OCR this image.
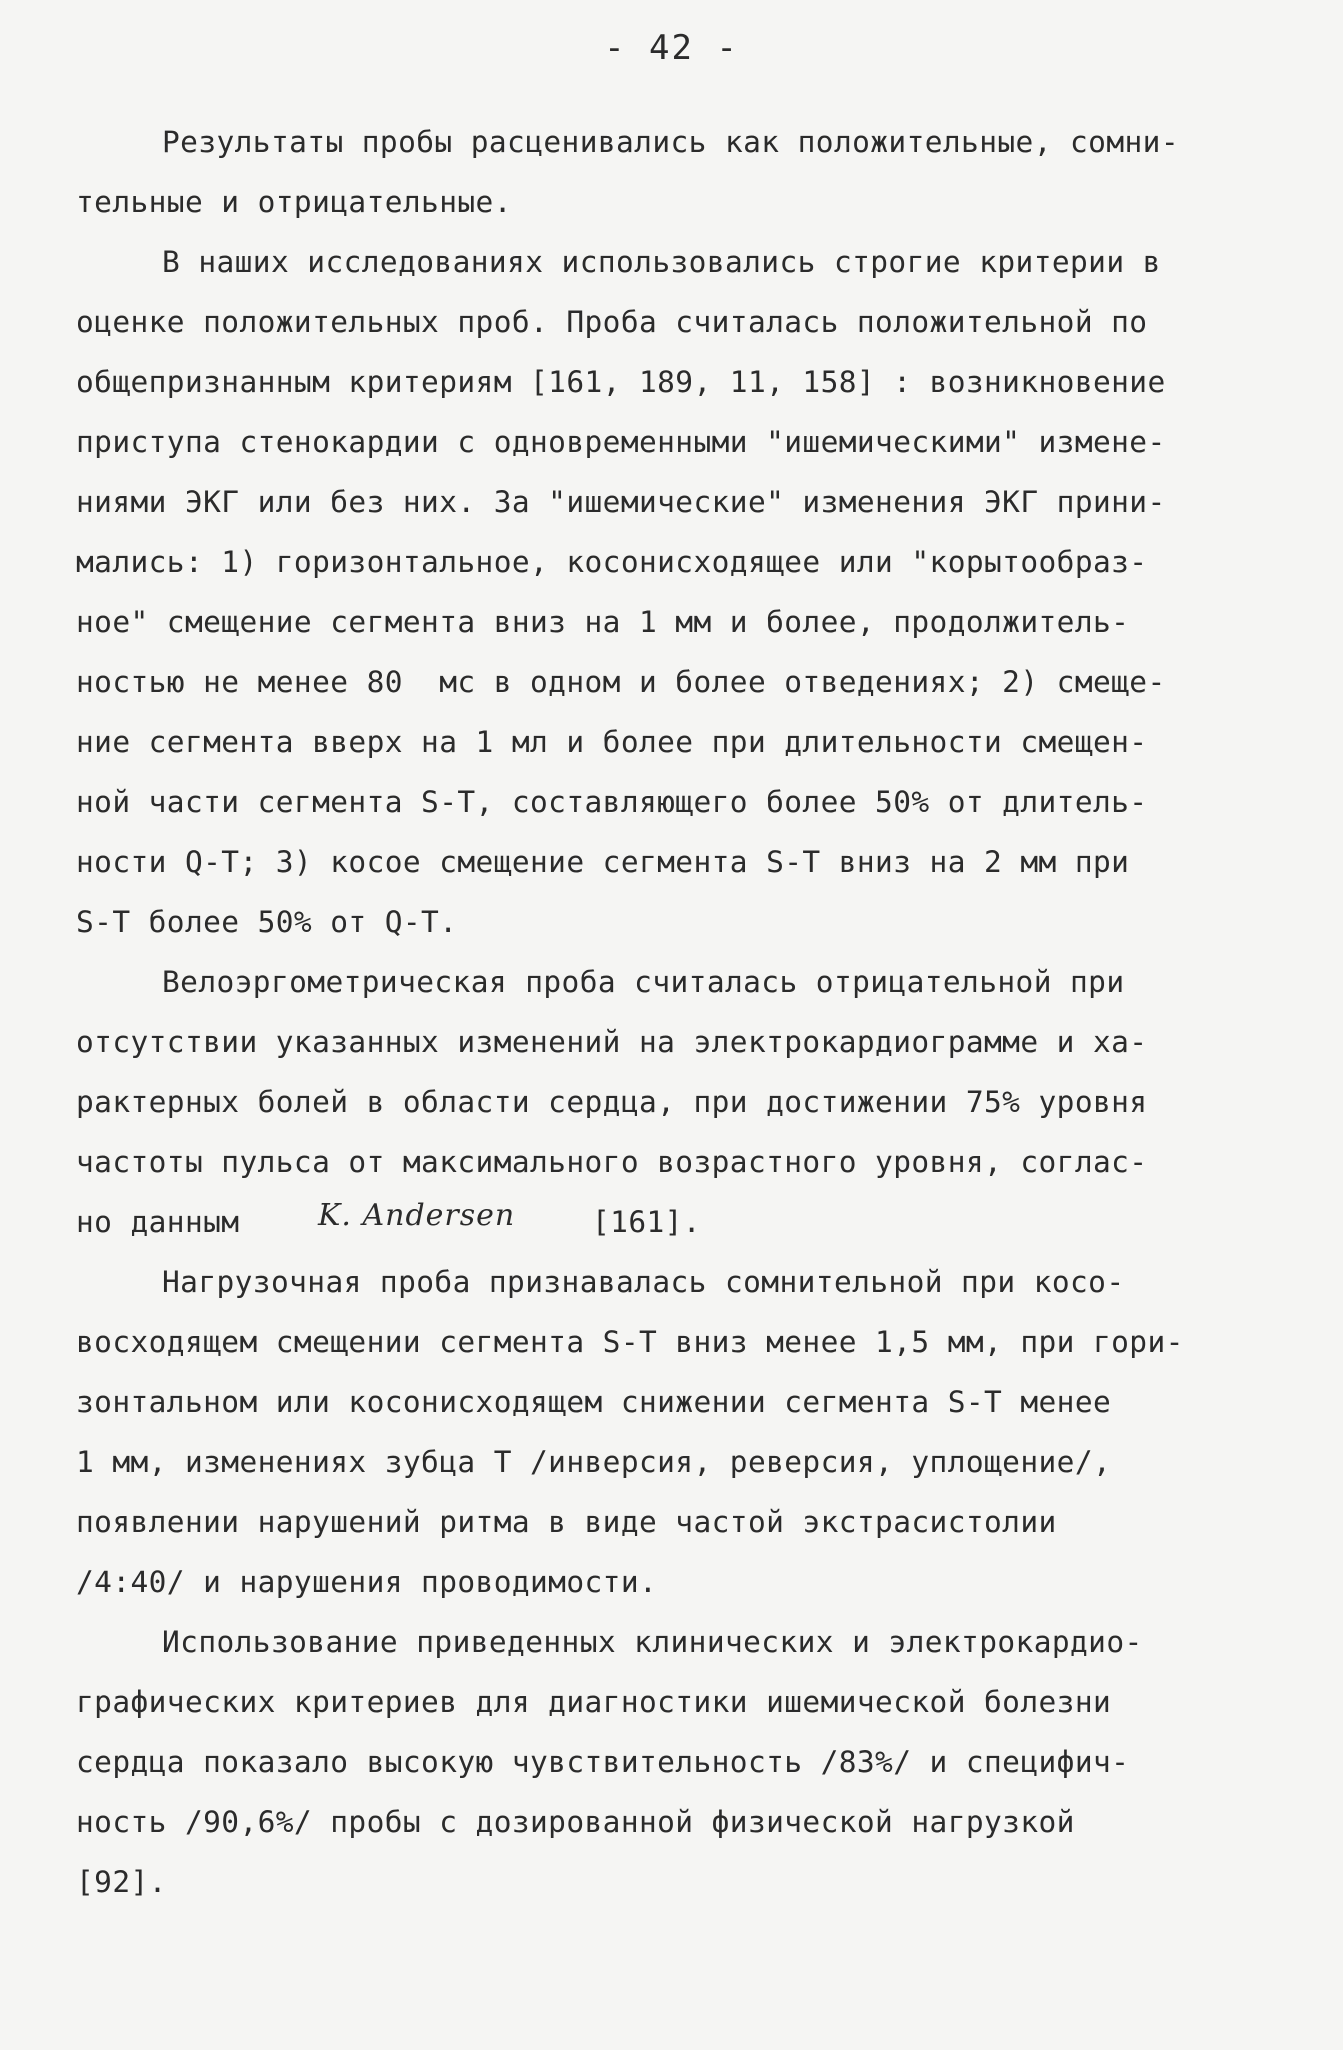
- 42 -
Результаты пробы расценивались как положительные, сомни-
тельные и отрицательные.
В наших исследованиях использовались строгие критерии в
оценке положительных проб. Проба считалась положительной по
общепризнанным критериям [161, 189, 11, 158] : возникновение
приступа стенокардии с одновременными "ишемическими" измене-
ниями ЭКГ или без них. За "ишемические" изменения ЭКГ прини-
мались: 1) горизонтальное, косонисходящее или "корытообраз-
ное" смещение сегмента вниз на 1 мм и более, продолжитель-
ностью не менее 80  мс в одном и более отведениях; 2) смеще-
ние сегмента вверх на 1 мл и более при длительности смещен-
ной части сегмента S-T, составляющего более 50% от длитель-
ности Q-T; 3) косое смещение сегмента S-T вниз на 2 мм при
S-T более 50% от Q-T.
Велоэргометрическая проба считалась отрицательной при
отсутствии указанных изменений на электрокардиограмме и ха-
рактерных болей в области сердца, при достижении 75% уровня
частоты пульса от максимального возрастного уровня, соглас-
но данным	K. Andersen	[161].
Нагрузочная проба признавалась сомнительной при косо-
восходящем смещении сегмента S-T вниз менее 1,5 мм, при гори-
зонтальном или косонисходящем снижении сегмента S-T менее
1 мм, изменениях зубца Т /инверсия, реверсия, уплощение/,
появлении нарушений ритма в виде частой экстрасистолии
/4:40/ и нарушения проводимости.
Использование приведенных клинических и электрокардио-
графических критериев для диагностики ишемической болезни
сердца показало высокую чувствительность /83%/ и специфич-
ность /90,6%/ пробы с дозированной физической нагрузкой
[92].
